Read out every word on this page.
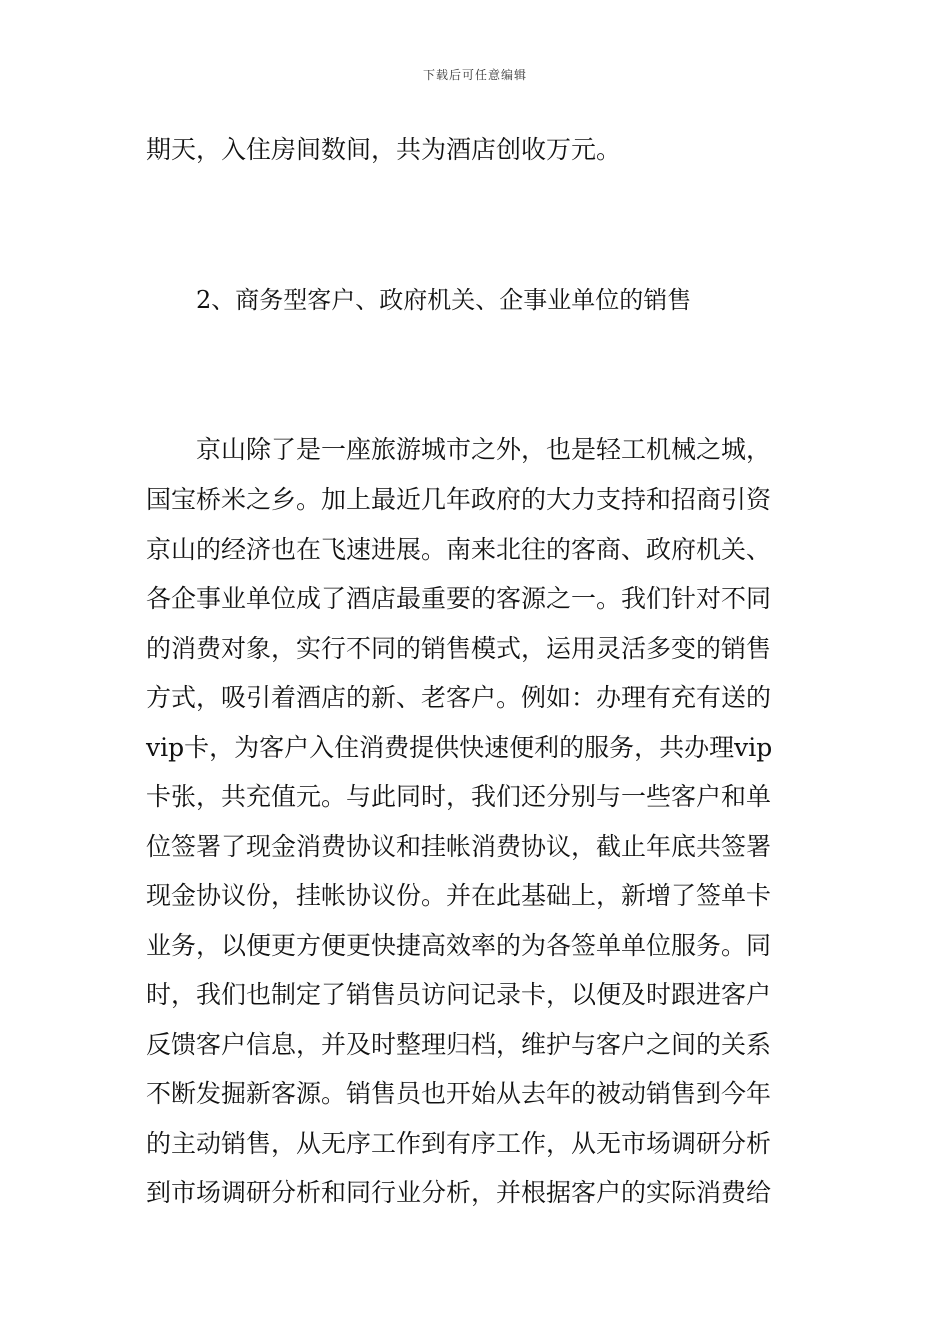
下载后可任意编辑
期天，入住房间数间，共为酒店创收万元。
2、商务型客户、政府机关、企事业单位的销售
京山除了是一座旅游城市之外，也是轻工机械之城，
国宝桥米之乡。加上最近几年政府的大力支持和招商引资
京山的经济也在飞速进展。南来北往的客商、政府机关、
各企事业单位成了酒店最重要的客源之一。我们针对不同
的消费对象，实行不同的销售模式，运用灵活多变的销售
方式，吸引着酒店的新、老客户。例如：办理有充有送的
vip卡，为客户入住消费提供快速便利的服务，共办理vip
卡张，共充值元。与此同时，我们还分别与一些客户和单
位签署了现金消费协议和挂帐消费协议，截止年底共签署
现金协议份，挂帐协议份。并在此基础上，新增了签单卡
业务，以便更方便更快捷高效率的为各签单单位服务。同
时，我们也制定了销售员访问记录卡，以便及时跟进客户
反馈客户信息，并及时整理归档，维护与客户之间的关系
不断发掘新客源。销售员也开始从去年的被动销售到今年
的主动销售，从无序工作到有序工作，从无市场调研分析
到市场调研分析和同行业分析，并根据客户的实际消费给
